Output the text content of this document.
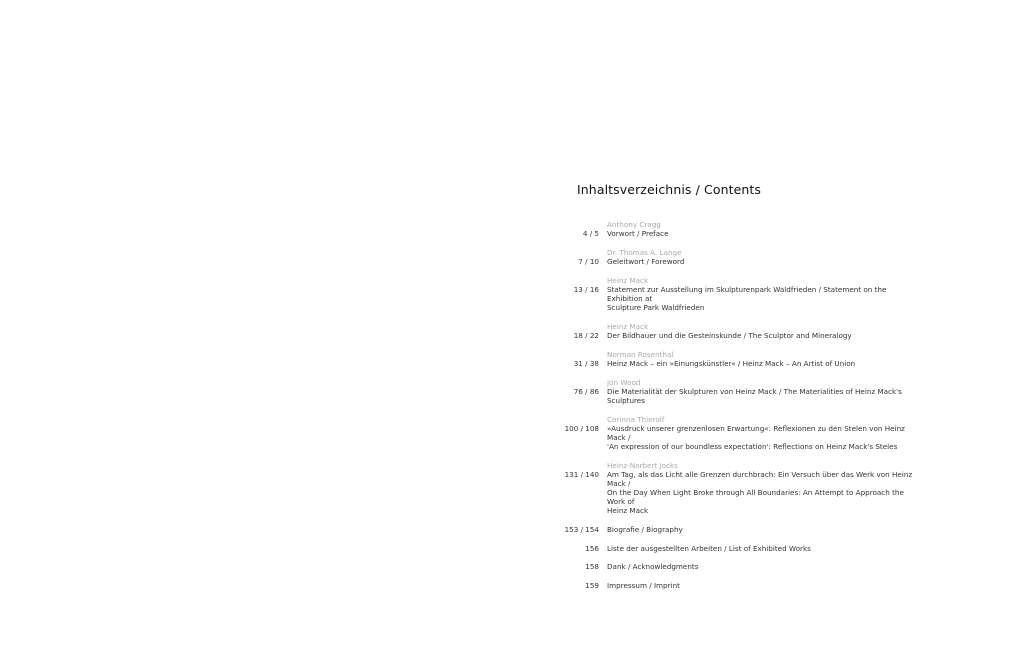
Inhaltsverzeichnis / Contents
Anthony Cragg
4 / 5 Vorwort / Preface
Dr. Thomas A. Lange
7 / 10 Geleitwort / Foreword
Heinz Mack
13 / 16 Statement zur Ausstellung im Skulpturenpark Waldfrieden / Statement on the Exhibition at
Sculpture Park Waldfrieden
Heinz Mack
18 / 22 Der Bildhauer und die Gesteinskunde / The Sculptor and Mineralogy
Norman Rosenthal
31 / 38 Heinz Mack – ein »Einungskünstler« / Heinz Mack – An Artist of Union
Jon Wood
76 / 86 Die Materialität der Skulpturen von Heinz Mack / The Materialities of Heinz Mack's Sculptures
Corinna Thierolf
100 / 108 »Ausdruck unserer grenzenlosen Erwartung«: Reflexionen zu den Stelen von Heinz Mack /
'An expression of our boundless expectation': Reflections on Heinz Mack's Steles
Heinz-Norbert Jocks
131 / 140 Am Tag, als das Licht alle Grenzen durchbrach: Ein Versuch über das Werk von Heinz Mack /
On the Day When Light Broke through All Boundaries: An Attempt to Approach the Work of
Heinz Mack
153 / 154 Biografie / Biography
156 Liste der ausgestellten Arbeiten / List of Exhibited Works
158 Dank / Acknowledgments
159 Impressum / Imprint
